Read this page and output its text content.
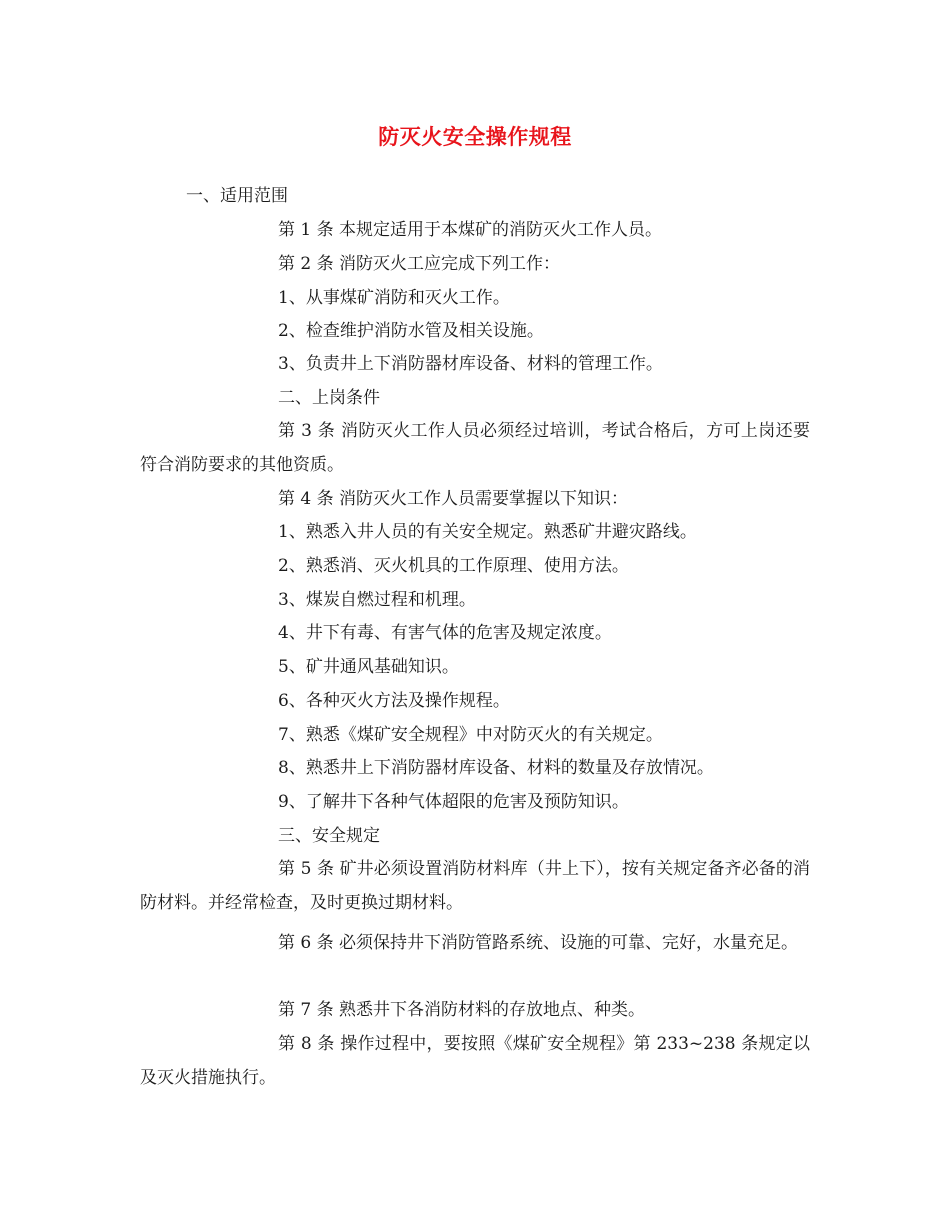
防灭火安全操作规程
一、适用范围
第 1 条 本规定适用于本煤矿的消防灭火工作人员。
第 2 条 消防灭火工应完成下列工作：
1、从事煤矿消防和灭火工作。
2、检查维护消防水管及相关设施。
3、负责井上下消防器材库设备、材料的管理工作。
二、上岗条件
第 3 条 消防灭火工作人员必须经过培训，考试合格后，方可上岗还要符合消防要求的其他资质。
第 4 条 消防灭火工作人员需要掌握以下知识：
1、熟悉入井人员的有关安全规定。熟悉矿井避灾路线。
2、熟悉消、灭火机具的工作原理、使用方法。
3、煤炭自燃过程和机理。
4、井下有毒、有害气体的危害及规定浓度。
5、矿井通风基础知识。
6、各种灭火方法及操作规程。
7、熟悉《煤矿安全规程》中对防灭火的有关规定。
8、熟悉井上下消防器材库设备、材料的数量及存放情况。
9、了解井下各种气体超限的危害及预防知识。
三、安全规定
第 5 条 矿井必须设置消防材料库（井上下），按有关规定备齐必备的消防材料。并经常检查，及时更换过期材料。
第 6 条 必须保持井下消防管路系统、设施的可靠、完好，水量充足。
第 7 条 熟悉井下各消防材料的存放地点、种类。
第 8 条 操作过程中，要按照《煤矿安全规程》第 233~238 条规定以及灭火措施执行。
